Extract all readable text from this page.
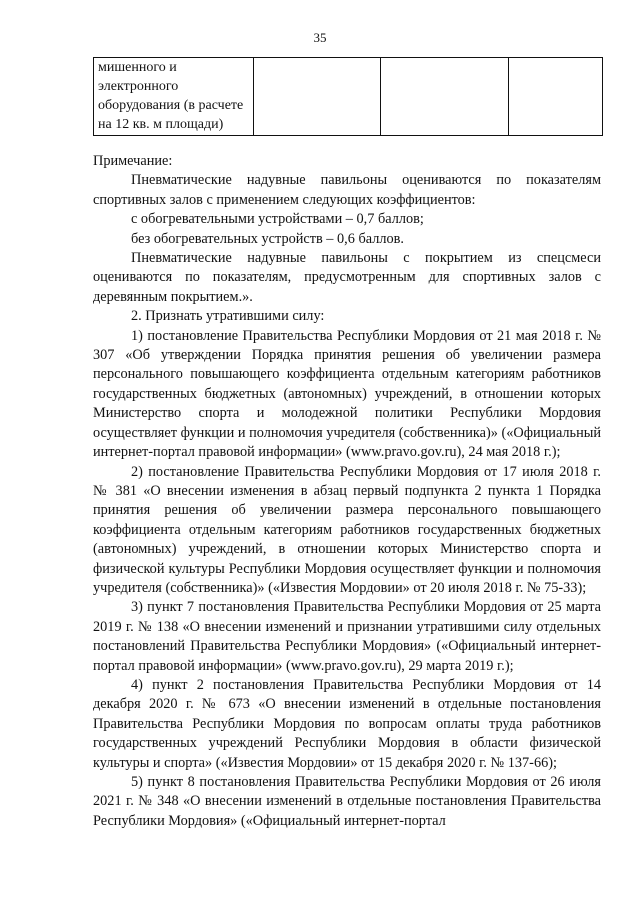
35
мишенного и электронного оборудования (в расчете на 12 кв. м площади)			

Примечание:

Пневматические надувные павильоны оцениваются по показателям спортивных залов с применением следующих коэффициентов:

с обогревательными устройствами – 0,7 баллов;

без обогревательных устройств – 0,6 баллов.

Пневматические надувные павильоны с покрытием из спецсмеси оцениваются по показателям, предусмотренным для спортивных залов с деревянным покрытием.».

2. Признать утратившими силу:

1) постановление Правительства Республики Мордовия от 21 мая 2018 г. № 307 «Об утверждении Порядка принятия решения об увеличении размера персонального повышающего коэффициента отдельным категориям работников государственных бюджетных (автономных) учреждений, в отношении которых Министерство спорта и молодежной политики Республики Мордовия осуществляет функции и полномочия учредителя (собственника)» («Официальный интернет-портал правовой информации» (www.pravo.gov.ru), 24 мая 2018 г.);

2) постановление Правительства Республики Мордовия от 17 июля 2018 г. № 381 «О внесении изменения в абзац первый подпункта 2 пункта 1 Порядка принятия решения об увеличении размера персонального повышающего коэффициента отдельным категориям работников государственных бюджетных (автономных) учреждений, в отношении которых Министерство спорта и физической культуры Республики Мордовия осуществляет функции и полномочия учредителя (собственника)» («Известия Мордовии» от 20 июля 2018 г. № 75-33);

3) пункт 7 постановления Правительства Республики Мордовия от 25 марта 2019 г. № 138 «О внесении изменений и признании утратившими силу отдельных постановлений Правительства Республики Мордовия» («Официальный интернет-портал правовой информации» (www.pravo.gov.ru), 29 марта 2019 г.);

4) пункт 2 постановления Правительства Республики Мордовия от 14 декабря 2020 г. № 673 «О внесении изменений в отдельные постановления Правительства Республики Мордовия по вопросам оплаты труда работников государственных учреждений Республики Мордовия в области физической культуры и спорта» («Известия Мордовии» от 15 декабря 2020 г. № 137-66);

5) пункт 8 постановления Правительства Республики Мордовия от 26 июля 2021 г. № 348 «О внесении изменений в отдельные постановления Правительства Республики Мордовия» («Официальный интернет-портал
